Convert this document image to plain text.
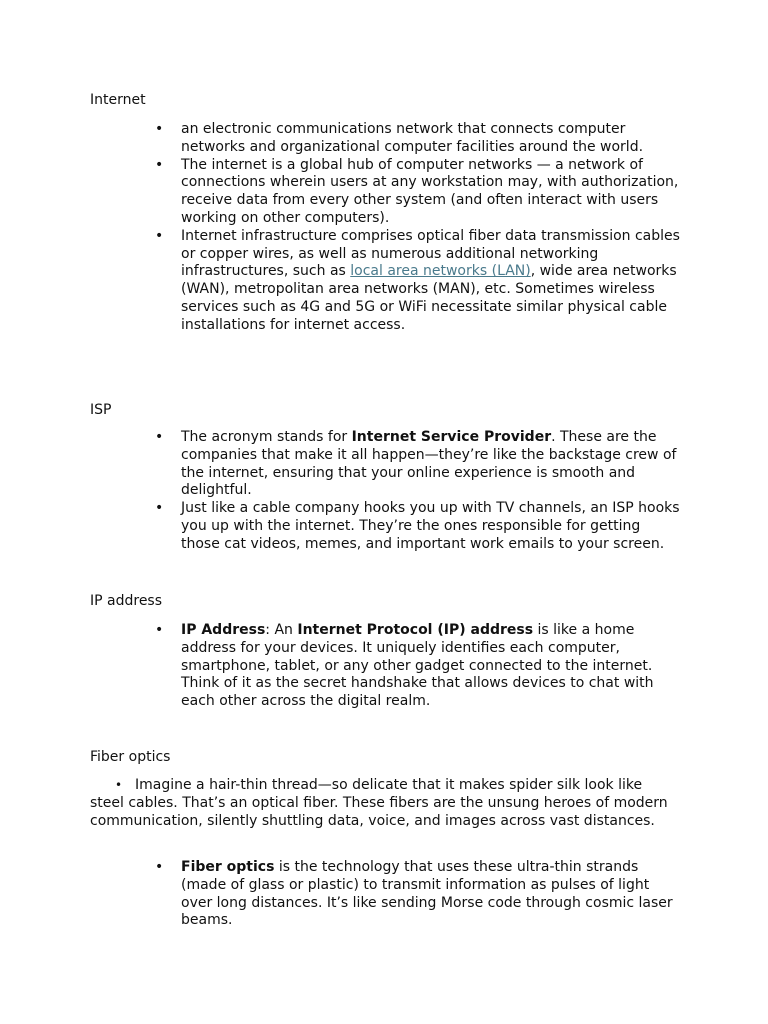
Internet

• an electronic communications network that connects computer networks and organizational computer facilities around the world.
• The internet is a global hub of computer networks — a network of connections wherein users at any workstation may, with authorization, receive data from every other system (and often interact with users working on other computers).
• Internet infrastructure comprises optical fiber data transmission cables or copper wires, as well as numerous additional networking infrastructures, such as local area networks (LAN), wide area networks (WAN), metropolitan area networks (MAN), etc. Sometimes wireless services such as 4G and 5G or WiFi necessitate similar physical cable installations for internet access.

ISP

• The acronym stands for Internet Service Provider. These are the companies that make it all happen—they’re like the backstage crew of the internet, ensuring that your online experience is smooth and delightful.
• Just like a cable company hooks you up with TV channels, an ISP hooks you up with the internet. They’re the ones responsible for getting those cat videos, memes, and important work emails to your screen.

IP address

• IP Address: An Internet Protocol (IP) address is like a home address for your devices. It uniquely identifies each computer, smartphone, tablet, or any other gadget connected to the internet. Think of it as the secret handshake that allows devices to chat with each other across the digital realm.

Fiber optics

• Imagine a hair-thin thread—so delicate that it makes spider silk look like steel cables. That’s an optical fiber. These fibers are the unsung heroes of modern communication, silently shuttling data, voice, and images across vast distances.

• Fiber optics is the technology that uses these ultra-thin strands (made of glass or plastic) to transmit information as pulses of light over long distances. It’s like sending Morse code through cosmic laser beams.
